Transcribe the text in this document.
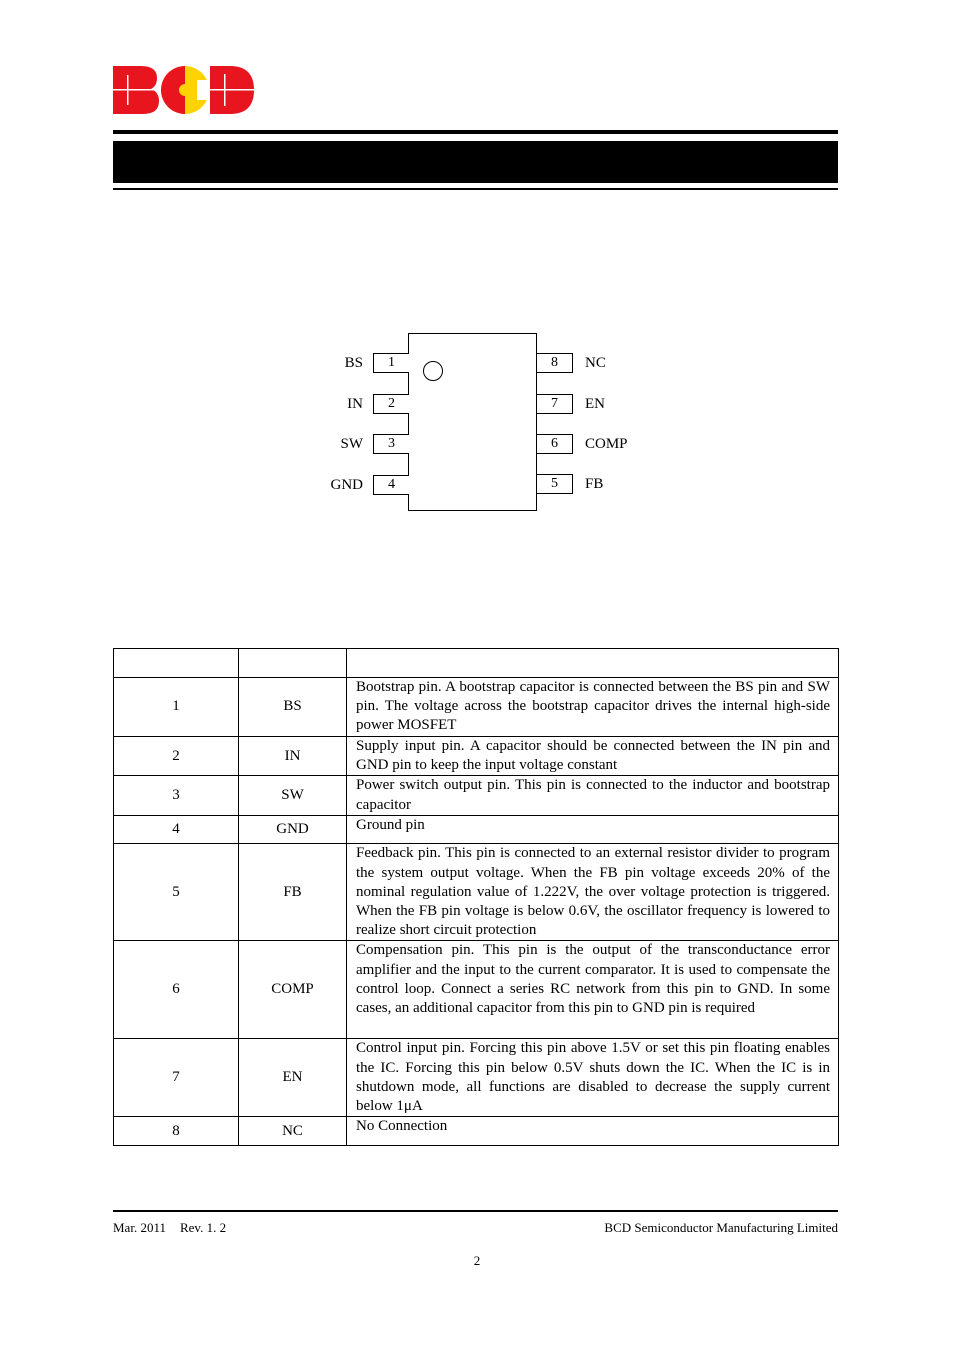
BS	1
IN	2
SW	3
GND	4
8	NC
7	EN
6	COMP
5	FB

1	BS	Bootstrap pin. A bootstrap capacitor is connected between the BS pin and SW pin. The voltage across the bootstrap capacitor drives the internal high-side power MOSFET
2	IN	Supply input pin. A capacitor should be connected between the IN pin and GND pin to keep the input voltage constant
3	SW	Power switch output pin. This pin is connected to the inductor and bootstrap capacitor
4	GND	Ground pin
5	FB	Feedback pin. This pin is connected to an external resistor divider to program the system output voltage. When the FB pin voltage exceeds 20% of the nominal regulation value of 1.222V, the over voltage protection is triggered. When the FB pin voltage is below 0.6V, the oscillator frequency is lowered to realize short circuit protection
6	COMP	Compensation pin. This pin is the output of the transconductance error amplifier and the input to the current comparator. It is used to compensate the control loop. Connect a series RC network from this pin to GND. In some cases, an additional capacitor from this pin to GND pin is required
7	EN	Control input pin. Forcing this pin above 1.5V or set this pin floating enables the IC. Forcing this pin below 0.5V shuts down the IC. When the IC is in shutdown mode, all functions are disabled to decrease the supply current below 1μA
8	NC	No Connection
Mar. 2011 Rev. 1. 2	BCD Semiconductor Manufacturing Limited
2
